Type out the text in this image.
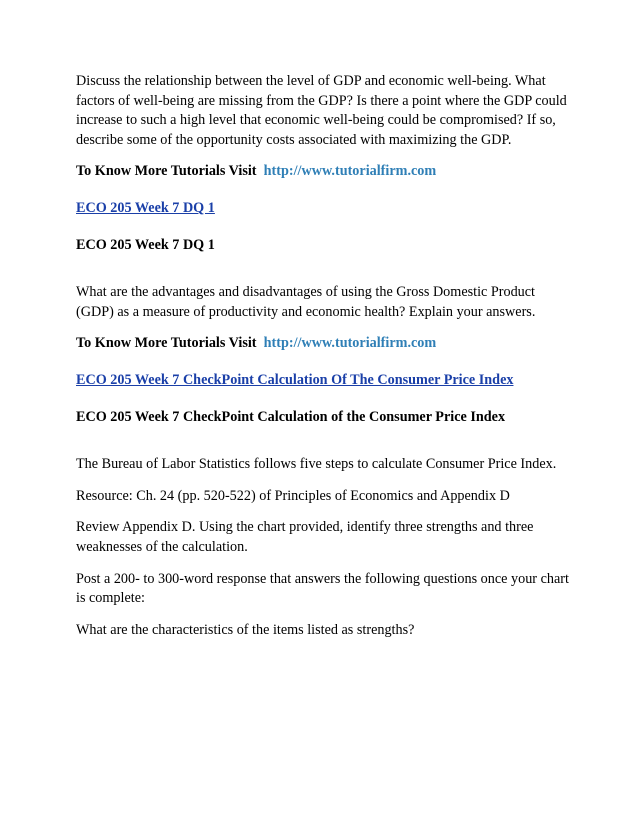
Discuss the relationship between the level of GDP and economic well-being. What factors of well-being are missing from the GDP? Is there a point where the GDP could increase to such a high level that economic well-being could be compromised? If so, describe some of the opportunity costs associated with maximizing the GDP.

To Know More Tutorials Visit http://www.tutorialfirm.com

ECO 205 Week 7 DQ 1

ECO 205 Week 7 DQ 1

What are the advantages and disadvantages of using the Gross Domestic Product (GDP) as a measure of productivity and economic health? Explain your answers.

To Know More Tutorials Visit http://www.tutorialfirm.com

ECO 205 Week 7 CheckPoint Calculation Of The Consumer Price Index

ECO 205 Week 7 CheckPoint Calculation of the Consumer Price Index

The Bureau of Labor Statistics follows five steps to calculate Consumer Price Index.

Resource: Ch. 24 (pp. 520-522) of Principles of Economics and Appendix D

Review Appendix D. Using the chart provided, identify three strengths and three weaknesses of the calculation.

Post a 200- to 300-word response that answers the following questions once your chart is complete:

What are the characteristics of the items listed as strengths?
